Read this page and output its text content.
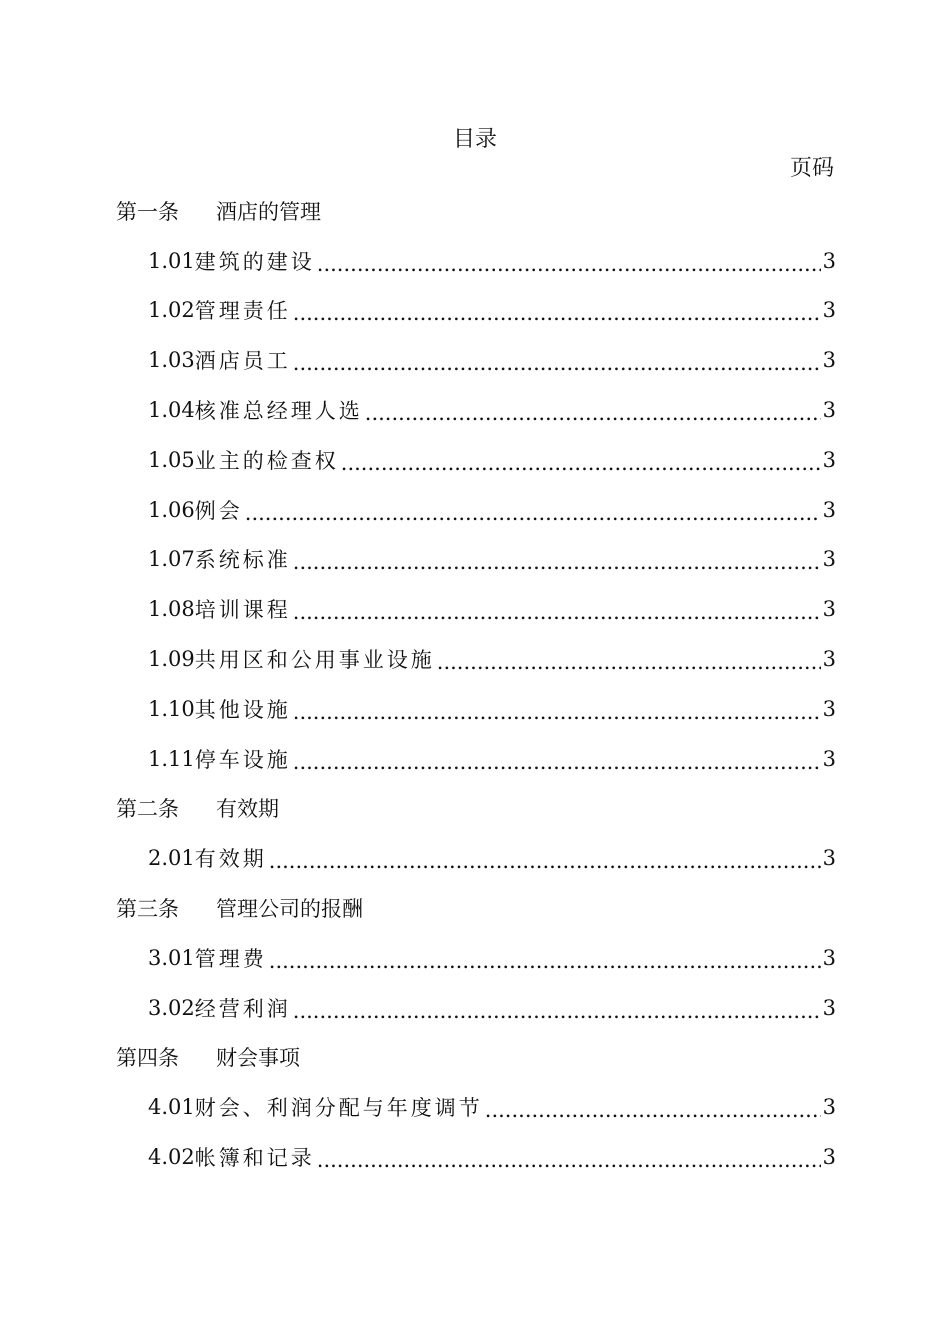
目录
页码
第一条	酒店的管理
1.01 建筑的建设 .....	3
1.02 管理责任 .....	3
1.03 酒店员工 .....	3
1.04 核准总经理人选 .....	3
1.05 业主的检查权 .....	3
1.06 例会 .....	3
1.07 系统标准 .....	3
1.08 培训课程 .....	3
1.09 共用区和公用事业设施 .....	3
1.10 其他设施 .....	3
1.11 停车设施 .....	3
第二条	有效期
2.01 有效期 .....	3
第三条	管理公司的报酬
3.01 管理费 .....	3
3.02 经营利润 .....	3
第四条	财会事项
4.01 财会、利润分配与年度调节 .....	3
4.02 帐簿和记录 .....	3
